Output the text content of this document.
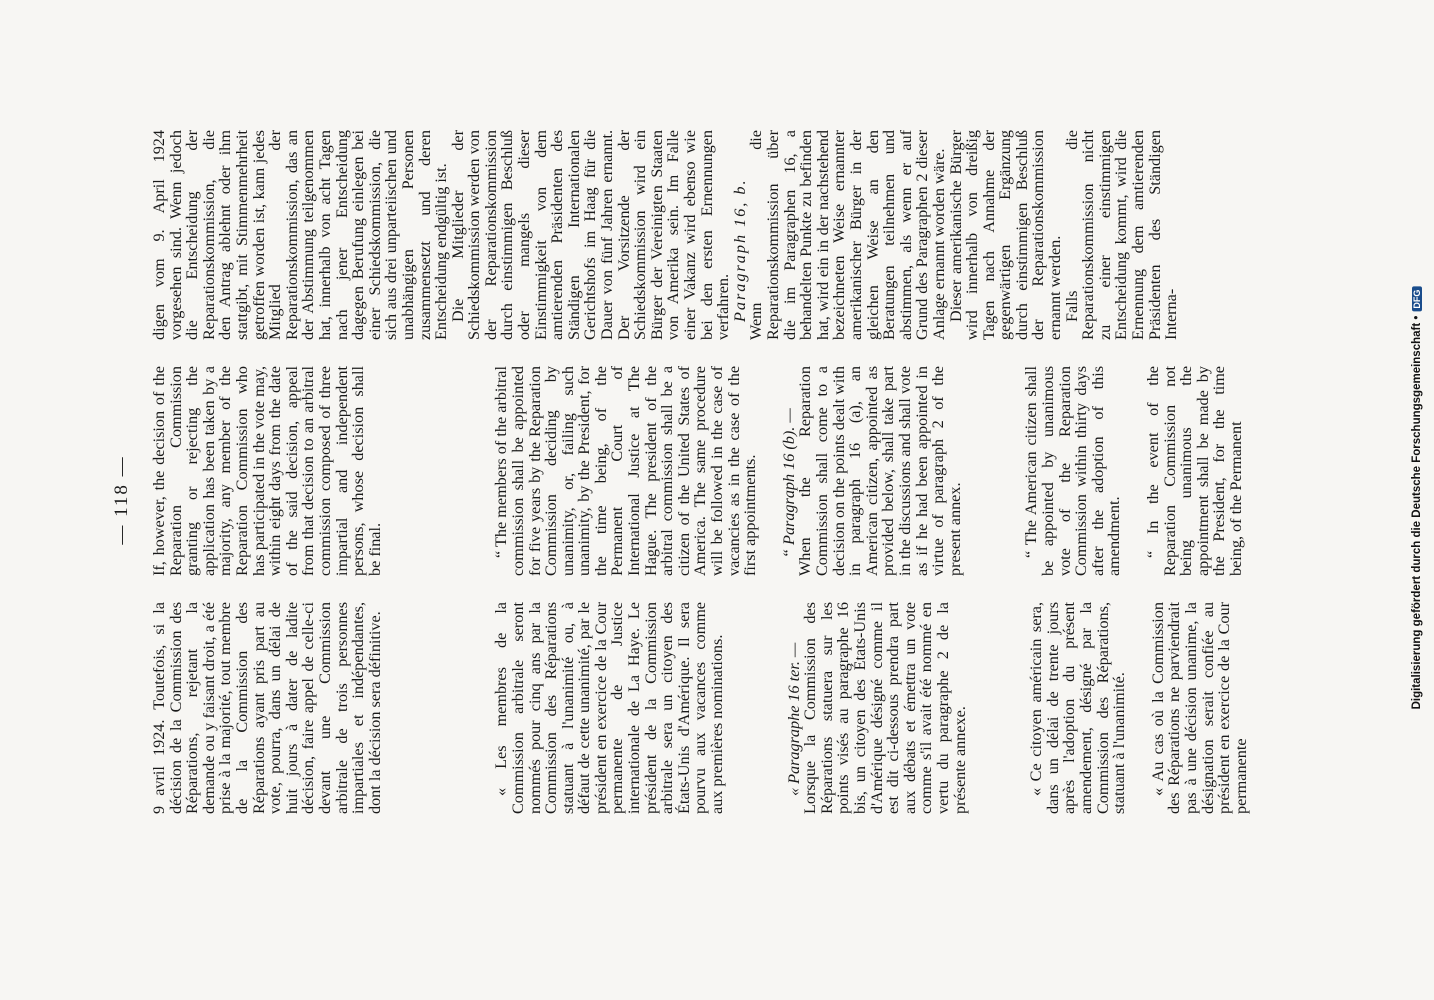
— 118 —

9 avril 1924. Toutefois, si la décision de la Commission des Réparations, rejetant la demande ou y faisant droit, a été prise à la majorité, tout membre de la Commission des Réparations ayant pris part au vote, pourra, dans un délai de huit jours à dater de ladite décision, faire appel de celle-ci devant une Commission arbitrale de trois personnes impartiales et indépendantes, dont la décision sera définitive.	« Les membres de la Commission arbitrale seront nommés pour cinq ans par la Commission des Réparations statuant à l'unanimité ou, à défaut de cette unanimité, par le président en exercice de la Cour permanente de Justice internationale de La Haye. Le président de la Commission arbitrale sera un citoyen des États-Unis d'Amérique. Il sera pourvu aux vacances comme aux premières nominations.	« Paragraphe 16 ter. —

Lorsque la Commission des Réparations statuera sur les points visés au paragraphe 16 bis, un citoyen des États-Unis d'Amérique désigné comme il est dit ci-dessous prendra part aux débats et émettra un vote comme s'il avait été nommé en vertu du paragraphe 2 de la présente annexe.	« Ce citoyen américain sera, dans un délai de trente jours après l'adoption du présent amendement, désigné par la Commission des Réparations, statuant à l'unanimité. « Au cas où la Commission des Réparations ne parviendrait pas à une décision unanime, la désignation serait confiée au président en exercice de la Cour permanente

If, however, the decision of the Reparation Commission granting or rejecting the application has been taken by a majority, any member of the Reparation Commission who has participated in the vote may, within eight days from the date of the said decision, appeal from that decision to an arbitral commission composed of three impartial and independent persons, whose decision shall be final.	“ The members of the arbitral commission shall be appointed for five years by the Reparation Commission deciding by unanimity, or, failing such unanimity, by the President, for the time being, of the Permanent Court of International Justice at The Hague. The president of the arbitral commission shall be a citizen of the United States of America. The same procedure will be followed in the case of vacancies as in the case of the first appointments. “ Paragraph 16 (b). —

When the Reparation Commission shall come to a decision on the points dealt with in paragraph 16 (a), an American citizen, appointed as provided below, shall take part in the discussions and shall vote as if he had been appointed in virtue of paragraph 2 of the present annex.	“ The American citizen shall be appointed by unanimous vote of the Reparation Commission within thirty days after the adoption of this amendment. “ In the event of the Reparation Commission not being unanimous the appointment shall be made by the President, for the time being, of the Permanent

digen vom 9. April 1924 vorgesehen sind. Wenn jedoch die Entscheidung der Reparationskommission, die den Antrag ablehnt oder ihm stattgibt, mit Stimmenmehrheit getroffen worden ist, kann jedes Mitglied der Reparationskommission, das an der Abstimmung teilgenommen hat, innerhalb von acht Tagen nach jener Entscheidung dagegen Berufung einlegen bei einer Schiedskommission, die sich aus drei unparteiischen und unabhängigen Personen zusammensetzt und deren Entscheidung endgültig ist.

Die Mitglieder der Schiedskommission werden von der Reparationskommission durch einstimmigen Beschluß oder mangels dieser Einstimmigkeit von dem amtierenden Präsidenten des Ständigen Internationalen Gerichtshofs im Haag für die Dauer von fünf Jahren ernannt. Der Vorsitzende der Schiedskommission wird ein Bürger der Vereinigten Staaten von Amerika sein. Im Falle einer Vakanz wird ebenso wie bei den ersten Ernennungen verfahren.

Paragraph 16, b.

Wenn die Reparationskommission über die im Paragraphen 16, a behandelten Punkte zu befinden hat, wird ein in der nachstehend bezeichneten Weise ernannter amerikanischer Bürger in der gleichen Weise an den Beratungen teilnehmen und abstimmen, als wenn er auf Grund des Paragraphen 2 dieser Anlage ernannt worden wäre.

Dieser amerikanische Bürger wird innerhalb von dreißig Tagen nach Annahme der gegenwärtigen Ergänzung durch einstimmigen Beschluß der Reparationskommission ernannt werden.

Falls die Reparationskommission nicht zu einer einstimmigen Entscheidung kommt, wird die Ernennung dem amtierenden Präsidenten des Ständigen Interna-

Digitalisierung gefördert durch die Deutsche Forschungsgemeinschaft •DFG
